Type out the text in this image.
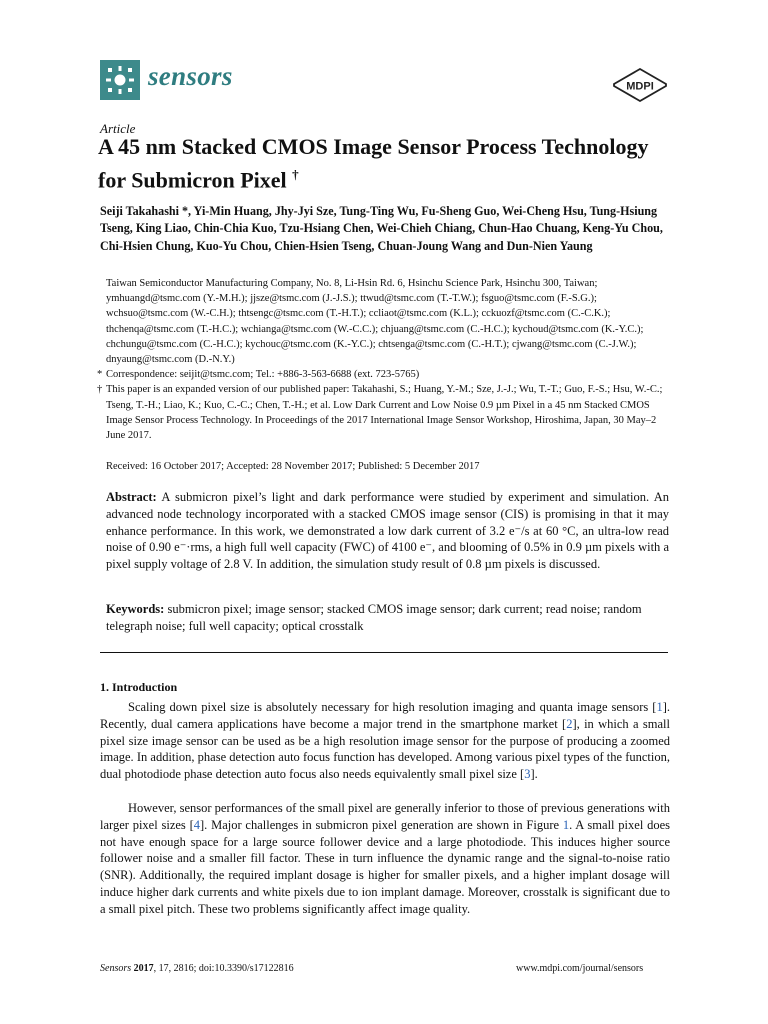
sensors	MDPI
Article
A 45 nm Stacked CMOS Image Sensor Process Technology for Submicron Pixel †
Seiji Takahashi *, Yi-Min Huang, Jhy-Jyi Sze, Tung-Ting Wu, Fu-Sheng Guo, Wei-Cheng Hsu, Tung-Hsiung Tseng, King Liao, Chin-Chia Kuo, Tzu-Hsiang Chen, Wei-Chieh Chiang, Chun-Hao Chuang, Keng-Yu Chou, Chi-Hsien Chung, Kuo-Yu Chou, Chien-Hsien Tseng, Chuan-Joung Wang and Dun-Nien Yaung
Taiwan Semiconductor Manufacturing Company, No. 8, Li-Hsin Rd. 6, Hsinchu Science Park, Hsinchu 300, Taiwan; ymhuangd@tsmc.com (Y.-M.H.); jjsze@tsmc.com (J.-J.S.); ttwud@tsmc.com (T.-T.W.); fsguo@tsmc.com (F.-S.G.); wchsuo@tsmc.com (W.-C.H.); thtsengc@tsmc.com (T.-H.T.); ccliaot@tsmc.com (K.L.); cckuozf@tsmc.com (C.-C.K.); thchenqa@tsmc.com (T.-H.C.); wchianga@tsmc.com (W.-C.C.); chjuang@tsmc.com (C.-H.C.); kychoud@tsmc.com (K.-Y.C.); chchungu@tsmc.com (C.-H.C.); kychouc@tsmc.com (K.-Y.C.); chtsenga@tsmc.com (C.-H.T.); cjwang@tsmc.com (C.-J.W.); dnyaung@tsmc.com (D.-N.Y.)
* Correspondence: seijit@tsmc.com; Tel.: +886-3-563-6688 (ext. 723-5765)
† This paper is an expanded version of our published paper: Takahashi, S.; Huang, Y.-M.; Sze, J.-J.; Wu, T.-T.; Guo, F.-S.; Hsu, W.-C.; Tseng, T.-H.; Liao, K.; Kuo, C.-C.; Chen, T.-H.; et al. Low Dark Current and Low Noise 0.9 µm Pixel in a 45 nm Stacked CMOS Image Sensor Process Technology. In Proceedings of the 2017 International Image Sensor Workshop, Hiroshima, Japan, 30 May–2 June 2017.
Received: 16 October 2017; Accepted: 28 November 2017; Published: 5 December 2017
Abstract: A submicron pixel’s light and dark performance were studied by experiment and simulation. An advanced node technology incorporated with a stacked CMOS image sensor (CIS) is promising in that it may enhance performance. In this work, we demonstrated a low dark current of 3.2 e⁻/s at 60 °C, an ultra-low read noise of 0.90 e⁻·rms, a high full well capacity (FWC) of 4100 e⁻, and blooming of 0.5% in 0.9 µm pixels with a pixel supply voltage of 2.8 V. In addition, the simulation study result of 0.8 µm pixels is discussed.
Keywords: submicron pixel; image sensor; stacked CMOS image sensor; dark current; read noise; random telegraph noise; full well capacity; optical crosstalk
1. Introduction
Scaling down pixel size is absolutely necessary for high resolution imaging and quanta image sensors [1]. Recently, dual camera applications have become a major trend in the smartphone market [2], in which a small pixel size image sensor can be used as be a high resolution image sensor for the purpose of producing a zoomed image. In addition, phase detection auto focus function has developed. Among various pixel types of the function, dual photodiode phase detection auto focus also needs equivalently small pixel size [3].
However, sensor performances of the small pixel are generally inferior to those of previous generations with larger pixel sizes [4]. Major challenges in submicron pixel generation are shown in Figure 1. A small pixel does not have enough space for a large source follower device and a large photodiode. This induces higher source follower noise and a smaller fill factor. These in turn influence the dynamic range and the signal-to-noise ratio (SNR). Additionally, the required implant dosage is higher for smaller pixels, and a higher implant dosage will induce higher dark currents and white pixels due to ion implant damage. Moreover, crosstalk is significant due to a small pixel pitch. These two problems significantly affect image quality.
Sensors 2017, 17, 2816; doi:10.3390/s17122816	www.mdpi.com/journal/sensors
